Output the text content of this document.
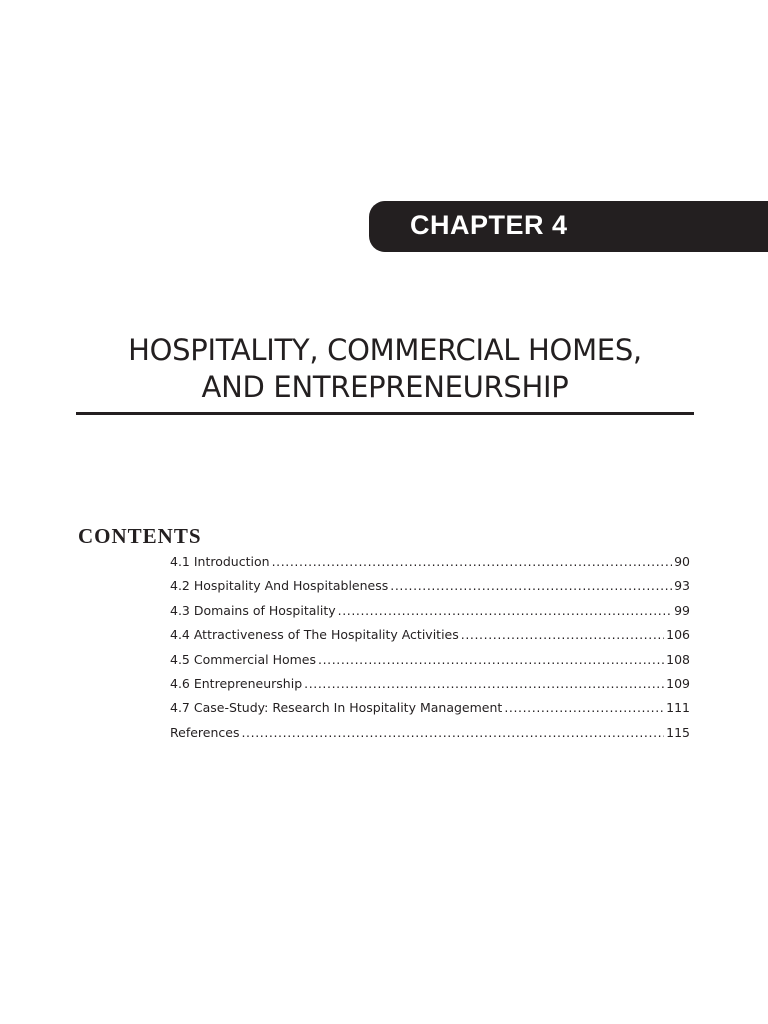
CHAPTER 4
HOSPITALITY, COMMERCIAL HOMES,
AND ENTREPRENEURSHIP
CONTENTS
4.1 Introduction .....	90
4.2 Hospitality And Hospitableness .....	93
4.3 Domains of Hospitality .....	99
4.4 Attractiveness of The Hospitality Activities .....	106
4.5 Commercial Homes .....	108
4.6 Entrepreneurship .....	109
4.7 Case-Study: Research In Hospitality Management .....	111
References .....	115
